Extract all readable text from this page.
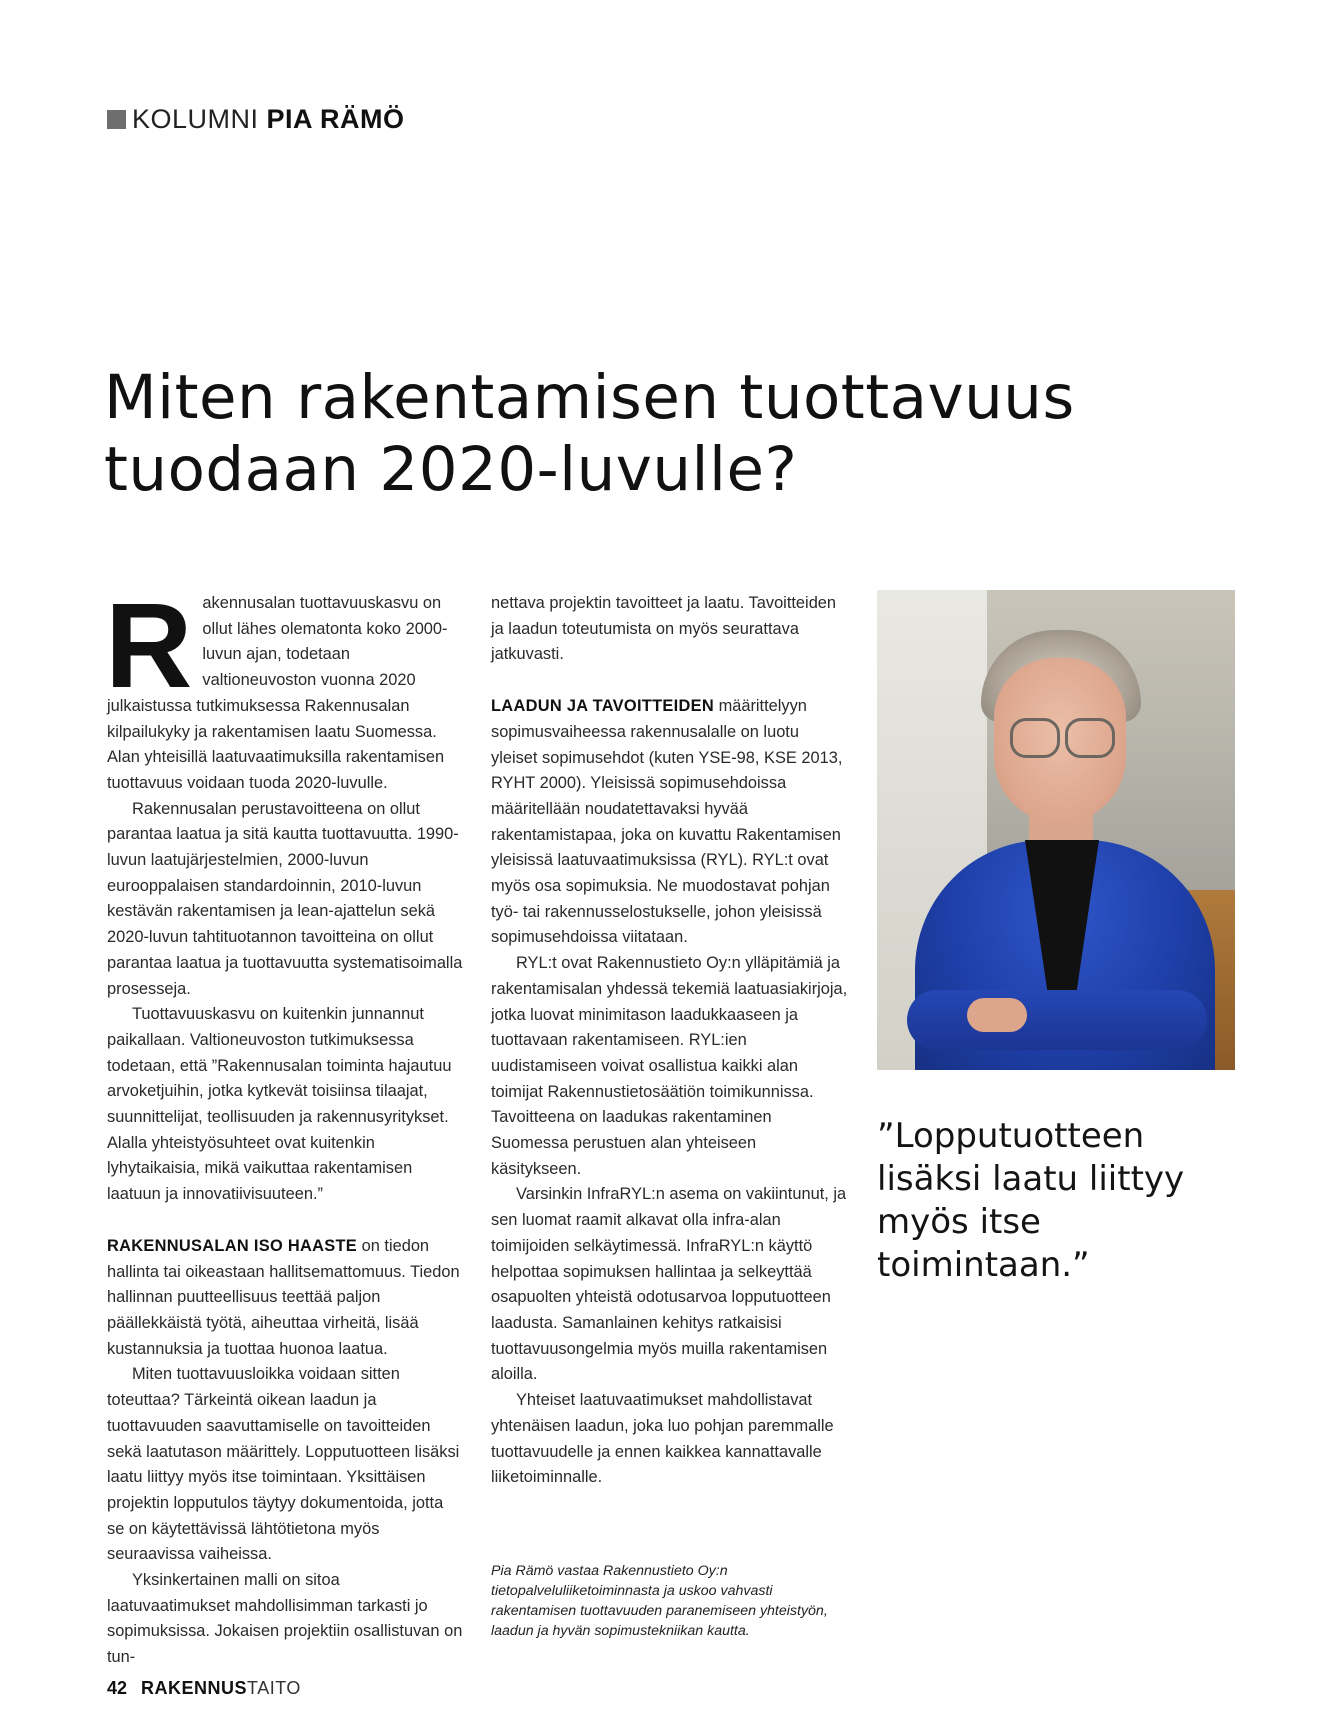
KOLUMNI PIA RÄMÖ
Miten rakentamisen tuottavuus
tuodaan 2020-luvulle?

Rakennusalan tuottavuuskasvu on ollut lähes olematonta koko 2000-luvun ajan, todetaan valtioneuvoston vuonna 2020 julkaistussa tutkimuksessa Rakennusalan kilpailukyky ja rakentamisen laatu Suomessa. Alan yhteisillä laatuvaatimuksilla rakentamisen tuottavuus voidaan tuoda 2020-luvulle.

Rakennusalan perustavoitteena on ollut parantaa laatua ja sitä kautta tuottavuutta. 1990-luvun laatujärjestelmien, 2000-luvun eurooppalaisen standardoinnin, 2010-luvun kestävän rakentamisen ja lean-ajattelun sekä 2020-luvun tahtituotannon tavoitteina on ollut parantaa laatua ja tuottavuutta systematisoimalla prosesseja.

Tuottavuuskasvu on kuitenkin junnannut paikallaan. Valtioneuvoston tutkimuksessa todetaan, että ”Rakennusalan toiminta hajautuu arvoketjuihin, jotka kytkevät toisiinsa tilaajat, suunnittelijat, teollisuuden ja rakennusyritykset. Alalla yhteistyösuhteet ovat kuitenkin lyhytaikaisia, mikä vaikuttaa rakentamisen laatuun ja innovatiivisuuteen.”

RAKENNUSALAN ISO HAASTE on tiedon hallinta tai oikeastaan hallitsemattomuus. Tiedon hallinnan puutteellisuus teettää paljon päällekkäistä työtä, aiheuttaa virheitä, lisää kustannuksia ja tuottaa huonoa laatua.

Miten tuottavuusloikka voidaan sitten toteuttaa? Tärkeintä oikean laadun ja tuottavuuden saavuttamiselle on tavoitteiden sekä laatutason määrittely. Lopputuotteen lisäksi laatu liittyy myös itse toimintaan. Yksittäisen projektin lopputulos täytyy dokumentoida, jotta se on käytettävissä lähtötietona myös seuraavissa vaiheissa.

Yksinkertainen malli on sitoa laatuvaatimukset mahdollisimman tarkasti jo sopimuksissa. Jokaisen projektiin osallistuvan on tun-

nettava projektin tavoitteet ja laatu. Tavoitteiden ja laadun toteutumista on myös seurattava jatkuvasti.

LAADUN JA TAVOITTEIDEN määrittelyyn sopimusvaiheessa rakennusalalle on luotu yleiset sopimusehdot (kuten YSE-98, KSE 2013, RYHT 2000). Yleisissä sopimusehdoissa määritellään noudatettavaksi hyvää rakentamistapaa, joka on kuvattu Rakentamisen yleisissä laatuvaatimuksissa (RYL). RYL:t ovat myös osa sopimuksia. Ne muodostavat pohjan työ- tai rakennusselostukselle, johon yleisissä sopimusehdoissa viitataan.

RYL:t ovat Rakennustieto Oy:n ylläpitämiä ja rakentamisalan yhdessä tekemiä laatuasiakirjoja, jotka luovat minimitason laadukkaaseen ja tuottavaan rakentamiseen. RYL:ien uudistamiseen voivat osallistua kaikki alan toimijat Rakennustietosäätiön toimikunnissa. Tavoitteena on laadukas rakentaminen Suomessa perustuen alan yhteiseen käsitykseen.

Varsinkin InfraRYL:n asema on vakiintunut, ja sen luomat raamit alkavat olla infra-alan toimijoiden selkäytimessä. InfraRYL:n käyttö helpottaa sopimuksen hallintaa ja selkeyttää osapuolten yhteistä odotusarvoa lopputuotteen laadusta. Samanlainen kehitys ratkaisisi tuottavuusongelmia myös muilla rakentamisen aloilla.

Yhteiset laatuvaatimukset mahdollistavat yhtenäisen laadun, joka luo pohjan paremmalle tuottavuudelle ja ennen kaikkea kannattavalle liiketoiminnalle.

”Lopputuotteen lisäksi laatu liittyy myös itse toimintaan.”
Pia Rämö vastaa Rakennustieto Oy:n tietopalveluliiketoiminnasta ja uskoo vahvasti rakentamisen tuottavuuden paranemiseen yhteistyön, laadun ja hyvän sopimustekniikan kautta.
42 RAKENNUS TAITO
